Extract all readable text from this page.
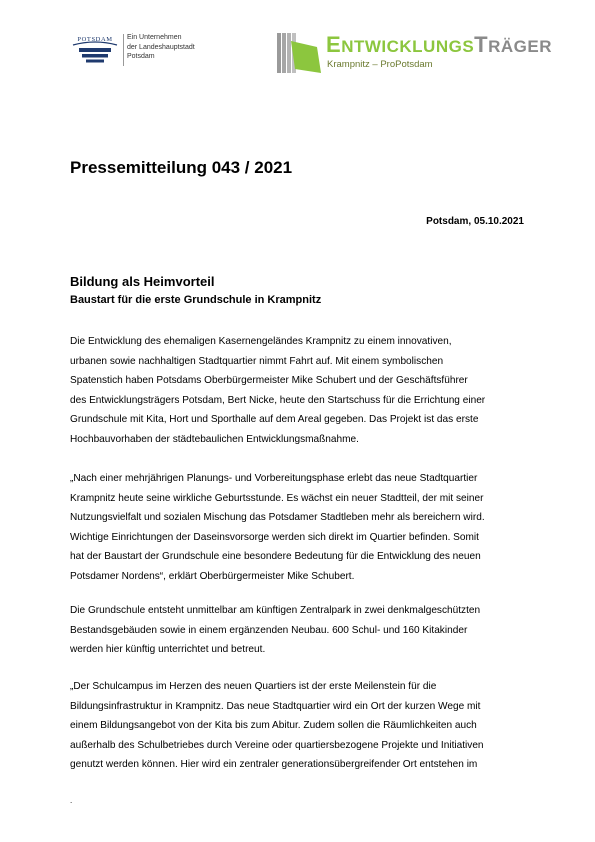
POTSDAM Ein Unternehmen
der Landeshauptstadt
Potsdam	ENTWICKLUNGSTRÄGER
Krampnitz – ProPotsdam
Pressemitteilung 043 / 2021
Potsdam, 05.10.2021
Bildung als Heimvorteil
Baustart für die erste Grundschule in Krampnitz
Die Entwicklung des ehemaligen Kasernengeländes Krampnitz zu einem innovativen,
urbanen sowie nachhaltigen Stadtquartier nimmt Fahrt auf. Mit einem symbolischen
Spatenstich haben Potsdams Oberbürgermeister Mike Schubert und der Geschäftsführer
des Entwicklungsträgers Potsdam, Bert Nicke, heute den Startschuss für die Errichtung einer
Grundschule mit Kita, Hort und Sporthalle auf dem Areal gegeben. Das Projekt ist das erste
Hochbauvorhaben der städtebaulichen Entwicklungsmaßnahme.
„Nach einer mehrjährigen Planungs- und Vorbereitungsphase erlebt das neue Stadtquartier
Krampnitz heute seine wirkliche Geburtsstunde. Es wächst ein neuer Stadtteil, der mit seiner
Nutzungsvielfalt und sozialen Mischung das Potsdamer Stadtleben mehr als bereichern wird.
Wichtige Einrichtungen der Daseinsvorsorge werden sich direkt im Quartier befinden. Somit
hat der Baustart der Grundschule eine besondere Bedeutung für die Entwicklung des neuen
Potsdamer Nordens“, erklärt Oberbürgermeister Mike Schubert.
Die Grundschule entsteht unmittelbar am künftigen Zentralpark in zwei denkmalgeschützten
Bestandsgebäuden sowie in einem ergänzenden Neubau. 600 Schul- und 160 Kitakinder
werden hier künftig unterrichtet und betreut.
„Der Schulcampus im Herzen des neuen Quartiers ist der erste Meilenstein für die
Bildungsinfrastruktur in Krampnitz. Das neue Stadtquartier wird ein Ort der kurzen Wege mit
einem Bildungsangebot von der Kita bis zum Abitur. Zudem sollen die Räumlichkeiten auch
außerhalb des Schulbetriebes durch Vereine oder quartiersbezogene Projekte und Initiativen
genutzt werden können. Hier wird ein zentraler generationsübergreifender Ort entstehen im
.
